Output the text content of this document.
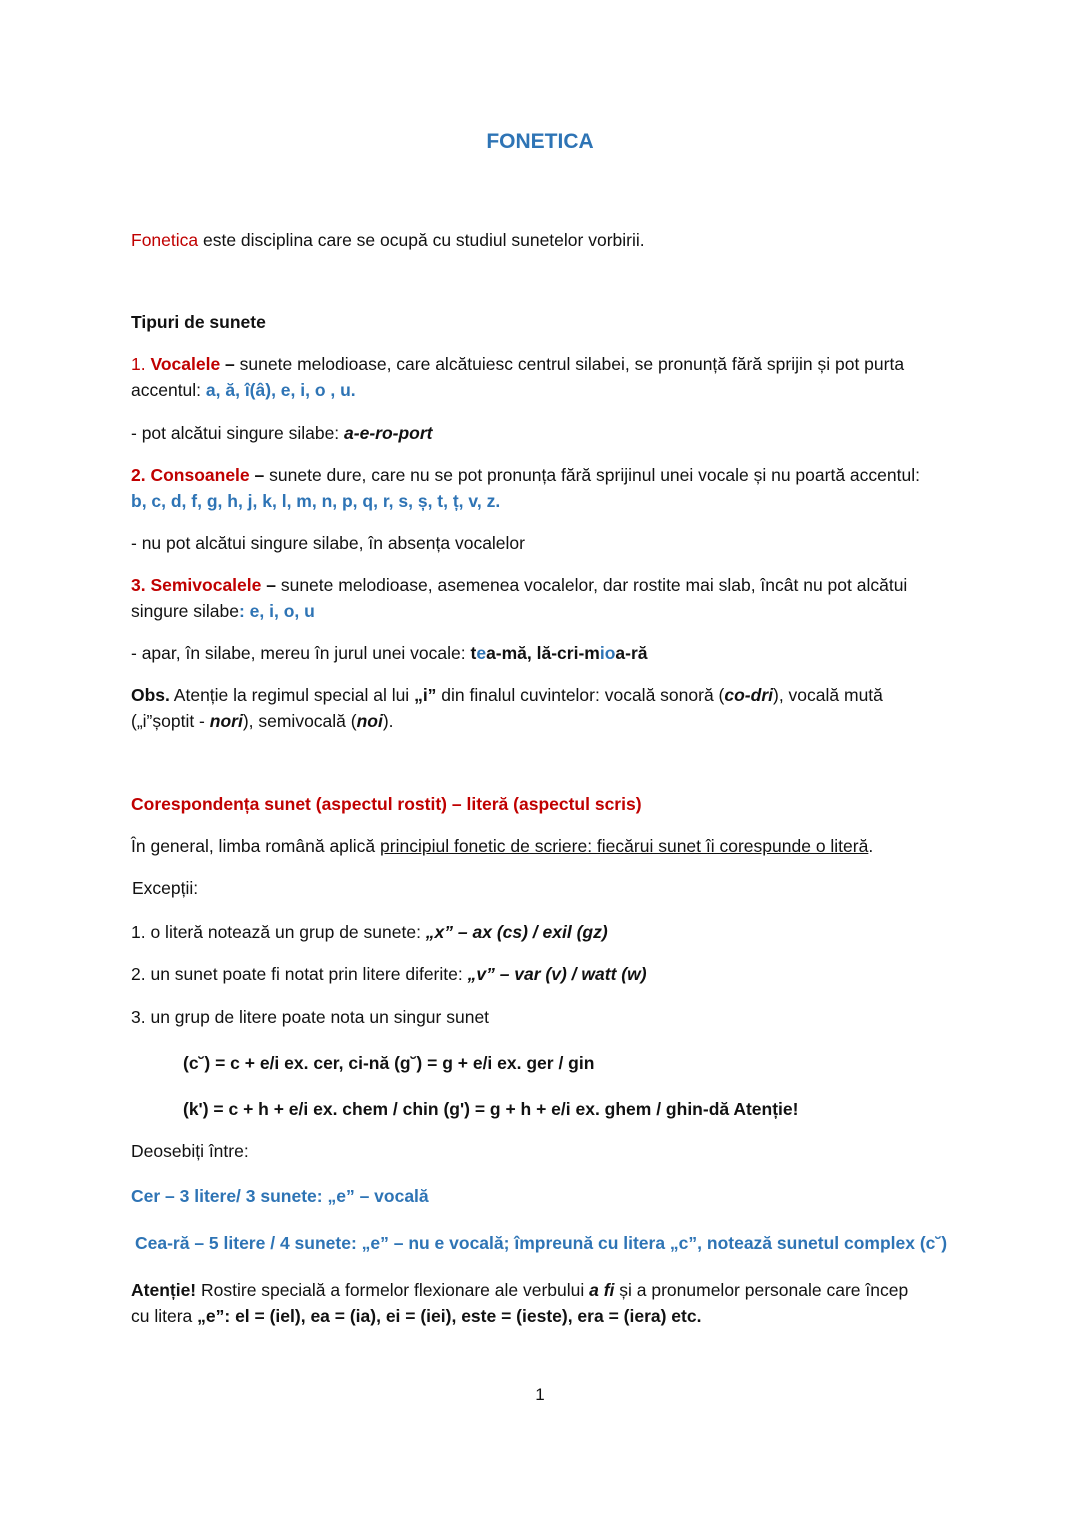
FONETICA
Fonetica este disciplina care se ocupă cu studiul sunetelor vorbirii.
Tipuri de sunete
1. Vocalele – sunete melodioase, care alcătuiesc centrul silabei, se pronunță fără sprijin și pot purta
accentul: a, ă, î(â), e, i, o , u.
- pot alcătui singure silabe: a-e-ro-port
2. Consoanele – sunete dure, care nu se pot pronunța fără sprijinul unei vocale și nu poartă accentul:
b, c, d, f, g, h, j, k, l, m, n, p, q, r, s, ș, t, ț, v, z.
- nu pot alcătui singure silabe, în absența vocalelor
3. Semivocalele – sunete melodioase, asemenea vocalelor, dar rostite mai slab, încât nu pot alcătui
singure silabe: e, i, o, u
- apar, în silabe, mereu în jurul unei vocale: tea-mă, lă-cri-mioa-ră
Obs. Atenție la regimul special al lui „i” din finalul cuvintelor: vocală sonoră (co-dri), vocală mută
(„i”șoptit - nori), semivocală (noi).
Corespondența sunet (aspectul rostit) – literă (aspectul scris)
În general, limba română aplică principiul fonetic de scriere: fiecărui sunet îi corespunde o literă.
Excepții:
1. o literă notează un grup de sunete: „x” – ax (cs) / exil (gz)
2. un sunet poate fi notat prin litere diferite: „v” – var (v) / watt (w)
3. un grup de litere poate nota un singur sunet
(c˘) = c + e/i ex. cer, ci-nă (g˘) = g + e/i ex. ger / gin
(k') = c + h + e/i ex. chem / chin (g') = g + h + e/i ex. ghem / ghin-dă Atenție!
Deosebiți între:
Cer – 3 litere/ 3 sunete: „e” – vocală
Cea-ră – 5 litere / 4 sunete: „e” – nu e vocală; împreună cu litera „c”, notează sunetul complex (c˘)
Atenție! Rostire specială a formelor flexionare ale verbului a fi și a pronumelor personale care încep
cu litera „e”: el = (iel), ea = (ia), ei = (iei), este = (ieste), era = (iera) etc.
1
